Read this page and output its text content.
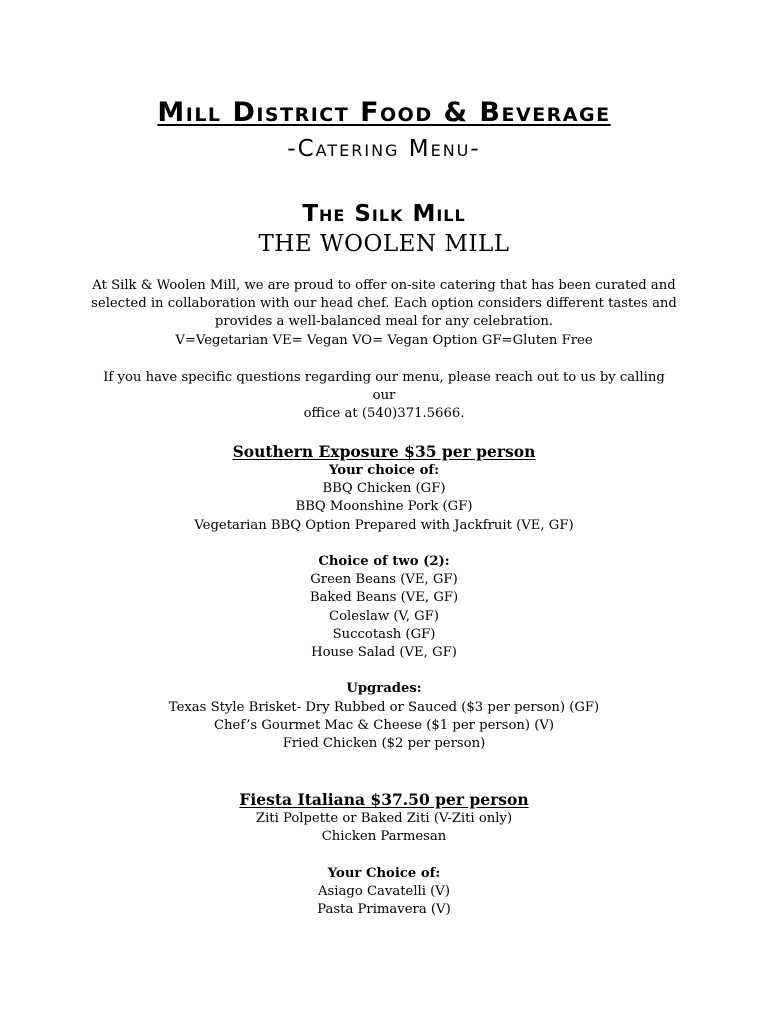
Mill District Food & Beverage
-Catering Menu-
The Silk Mill
THE WOOLEN MILL

At Silk & Woolen Mill, we are proud to offer on-site catering that has been curated and

selected in collaboration with our head chef. Each option considers different tastes and

provides a well-balanced meal for any celebration.

V=Vegetarian VE= Vegan VO= Vegan Option GF=Gluten Free

If you have specific questions regarding our menu, please reach out to us by calling our

office at (540)371.5666.

Southern Exposure $35 per person
Your choice of:
BBQ Chicken (GF)
BBQ Moonshine Pork (GF)
Vegetarian BBQ Option Prepared with Jackfruit (VE, GF)
Choice of two (2):
Green Beans (VE, GF)
Baked Beans (VE, GF)
Coleslaw (V, GF)
Succotash (GF)
House Salad (VE, GF)
Upgrades:
Texas Style Brisket- Dry Rubbed or Sauced ($3 per person) (GF)
Chef’s Gourmet Mac & Cheese ($1 per person) (V)
Fried Chicken ($2 per person)
Fiesta Italiana $37.50 per person
Ziti Polpette or Baked Ziti (V-Ziti only)
Chicken Parmesan
Your Choice of:
Asiago Cavatelli (V)
Pasta Primavera (V)
